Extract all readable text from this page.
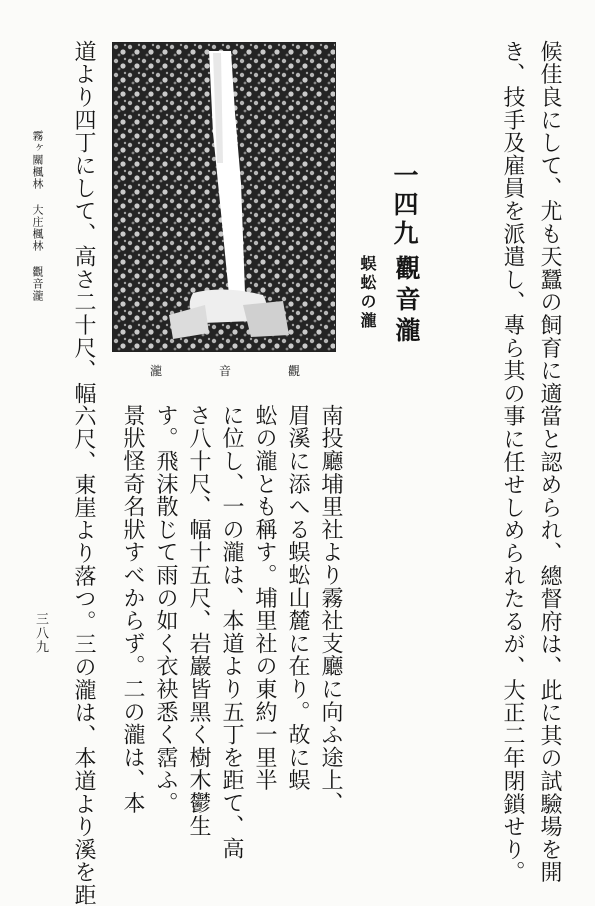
候佳良にして、尤も天蠶の飼育に適當と認められ、總督府は、此に其の試驗場を開
き、技手及雇員を派遣し、專ら其の事に任せしめられたるが、大正二年閉鎖せり。
一四九
觀音瀧
蜈蚣の瀧
瀧	音	觀
南投廳埔里社より霧社支廳に向ふ途上、
眉溪に添へる蜈蚣山麓に在り。故に蜈
蚣の瀧とも稱す。埔里社の東約一里半
に位し、一の瀧は、本道より五丁を距て、高
さ八十尺、幅十五尺、岩巖皆黑く樹木鬱生
す。飛沫散じて雨の如く衣袂悉く霑ふ。
景狀怪奇名狀すべからず。二の瀧は、本
道より四丁にして、高さ二十尺、幅六尺、東崖より落つ。三の瀧は、本道より溪を距
霧ヶ關楓林大庄楓林觀音瀧
三八九
